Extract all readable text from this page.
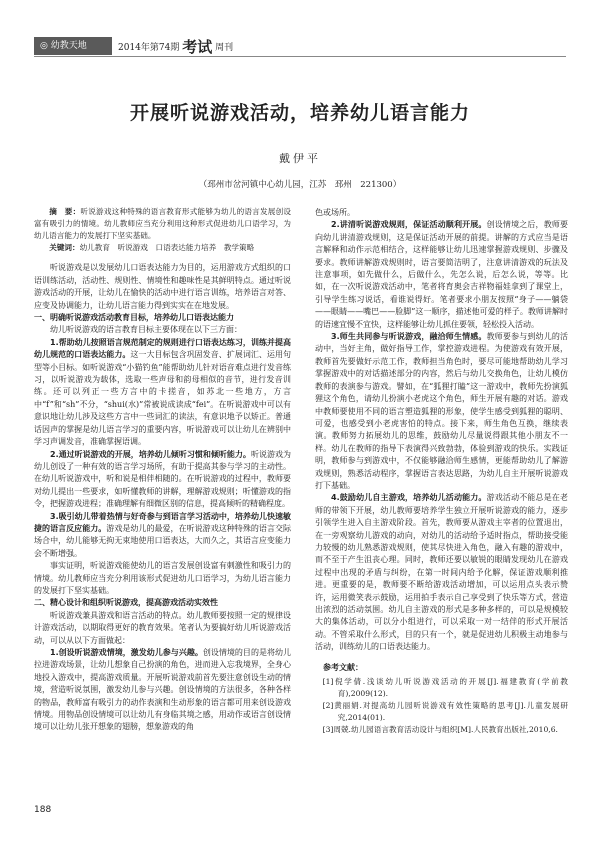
◎ 幼教天地	2014年第74期 考试 周刊
开展听说游戏活动，培养幼儿语言能力
戴伊平
（邳州市岔河镇中心幼儿园，江苏　邳州　221300）

摘　要：听说游戏这种特殊的语言教育形式能够为幼儿的语言发展创设富有吸引力的情境。幼儿教师应当充分利用这种形式促进幼儿口语学习，为幼儿语言能力的发展打下坚实基础。

关键词：幼儿教育　听说游戏　口语表达能力培养　教学策略

听说游戏是以发展幼儿口语表达能力为目的，运用游戏方式组织的口语训练活动，活动性、规则性、情境性和趣味性是其鲜明特点。通过听说游戏活动的开展，让幼儿在愉快的活动中进行语言训练，培养语言对答、应变及协调能力，让幼儿语言能力得到实实在在地发展。

一、明确听说游戏活动教育目标，培养幼儿口语表达能力

幼儿听说游戏的语言教育目标主要体现在以下三方面：

1.帮助幼儿按照语言规范制定的规则进行口语表达练习，训练并提高幼儿规范的口语表达能力。这一大目标包含巩固发音、扩展词汇、运用句型等小目标。如听说游戏“小猫钓鱼”能帮助幼儿针对语音难点进行发音练习，以听说游戏为载体，选取一些声母和韵母相似的音节，进行发音训练。还可以列正一些方言中的卡搓音，如苏北一些地方，方言中“f”和“sh”不分，“shui(水)”常被说成读成“fei”。在听说游戏中可以有意识地让幼儿涉及这些方言中一些词汇的读法，有意识地予以矫正。普通话因声的掌握是幼儿语言学习的重要内容，听说游戏可以让幼儿在辨别中学习声调发音，准确掌握语调。

2.通过听说游戏的开展，培养幼儿倾听习惯和倾听能力。听说游戏为幼儿创设了一种有效的语言学习场所，有助于提高其参与学习的主动性。在幼儿听说游戏中，听和说是相伴相随的。在听说游戏的过程中，教师要对幼儿提出一些要求，如听懂教师的讲解，理解游戏规则；听懂游戏的指令，把握游戏进程；准确理解有细微区别的信息，提高倾听的精确程度。

3.吸引幼儿带着热情与好奇参与到语言学习活动中，培养幼儿快速敏捷的语言反应能力。游戏是幼儿的最爱，在听说游戏这种特殊的语言交际场合中，幼儿能够无拘无束地使用口语表达，大而久之，其语言应变能力会不断增强。

事实证明，听说游戏能使幼儿的语言发展创设富有刺激性和吸引力的情境。幼儿教师应当充分利用该形式促进幼儿口语学习，为幼儿语言能力的发展打下坚实基础。

二、精心设计和组织听说游戏，提高游戏活动实效性

听说游戏兼具游戏和语言活动的特点。幼儿教师要按照一定的规律设计游戏活动，以期取得更好的教育效果。笔者认为要搞好幼儿听说游戏活动，可以从以下方面做起：

1.创设听说游戏情境，激发幼儿参与兴趣。创设情境的目的是将幼儿拉进游戏场景，让幼儿想象自己扮演的角色，进而进入忘我境界，全身心地投入游戏中，提高游戏质量。开展听说游戏前首先要注意创设生动的情境，营造听说氛围，激发幼儿参与兴趣。创设情境的方法很多，各种各样的物品，教师富有吸引力的动作表演和生动形象的语言都可用来创设游戏情境。用物品创设情境可以让幼儿有身临其境之感，用动作或语言创设情境可以让幼儿张开想象的翅膀，想象游戏的角

色或场所。

2.讲清听说游戏规则，保证活动顺利开展。创设情境之后，教师要向幼儿讲清游戏规则，这是保证活动开展的前提。讲解的方式应当是语言解释和动作示范相结合，这样能够让幼儿迅速掌握游戏规则、步骤及要求。教师讲解游戏规则时，语言要简洁明了，注意讲清游戏的玩法及注意事项，如先做什么，后做什么，先怎么说，后怎么说，等等。比如，在一次听说游戏活动中，笔者将育奥会吉祥物福娃拿到了课堂上，引导学生练习说话，看谁说得好。笔者要求小朋友按照“身子——躺袋——眼睛——嘴巴——脸脚”这一顺序，描述他可爱的样子。教师讲解时的语速宜慢不宜快，这样能够让幼儿抓住要领，轻松投入活动。

3.师生共同参与听说游戏，融洽师生情感。教师要参与到幼儿的活动中，当好主角，做好指导工作，掌控游戏进程。为使游戏有效开展，教师首先要做好示范工作，教师担当角色时，要尽可能地帮助幼儿学习掌握游戏中的对话描述部分的内容，然后与幼儿交换角色，让幼儿模仿教师的表演参与游戏。譬如，在“狐狸打瞌”这一游戏中，教师先扮演狐狸这个角色，请幼儿扮演小老虎这个角色，师生开展有趣的对话。游戏中教师要使用不同的语言塑造狐狸的形象，使学生感受到狐狸的聪明、可爱，也感受到小老虎害怕的特点。接下来，师生角色互换，继续表演。教师努力拓展幼儿的思维，鼓励幼儿尽量说得跟其他小朋友不一样。幼儿在教师的指导下表演得兴致勃勃，体验到游戏的快乐。实践证明，教师参与到游戏中，不仅能够融洽师生感情，更能帮助幼儿了解游戏规则，熟悉活动程序，掌握语言表达思路，为幼儿自主开展听说游戏打下基础。

4.鼓励幼儿自主游戏，培养幼儿活动能力。游戏活动不能总是在老师的带领下开展，幼儿教师要培养学生独立开展听说游戏的能力，逐步引领学生进入自主游戏阶段。首先，教师要从游戏主宰者的位置退出，在一旁观察幼儿游戏的动向，对幼儿的活动给予适时指点，帮助接受能力较慢的幼儿熟悉游戏规则，使其尽快进入角色，融入有趣的游戏中，而不至于产生沮丧心理。同时，教师还要以敏锐的眼睛发现幼儿在游戏过程中出现的矛盾与纠纷，在第一时间内给予化解，保证游戏顺利推进。更重要的是，教师要不断给游戏活动增加，可以运用点头表示赞许，运用微笑表示鼓励，运用拍手表示自己享受到了快乐等方式，营造出浓烈的活动氛围。幼儿自主游戏的形式是多种多样的，可以是规模较大的集体活动，可以分小组进行，可以采取一对一结伴的形式开展活动。不管采取什么形式，目的只有一个，就是促进幼儿积极主动地参与活动，训练幼儿的口语表达能力。

参考文献：

[1]倪学倩.浅谈幼儿听说游戏活动的开展[J].福建教育(学前教育),2009(12).

[2]黄丽娟.对提高幼儿园听说游戏有效性策略的思考[J].儿童发展研究,2014(01).

[3]周兢.幼儿园语言教育活动设计与组织[M].人民教育出版社,2010,6.

188
